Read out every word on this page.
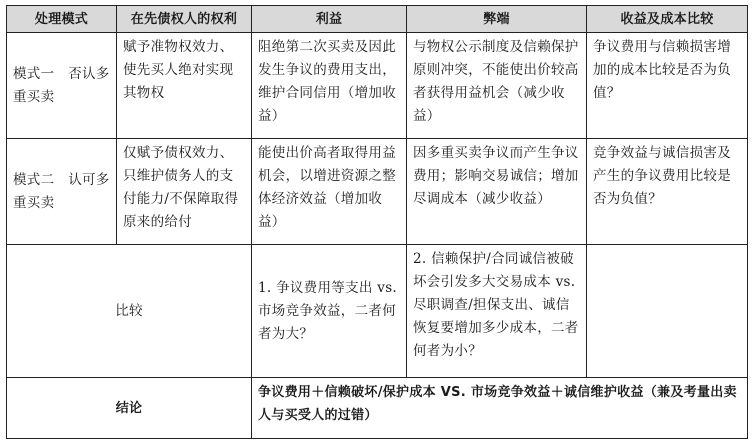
处理模式	在先债权人的权利	利益	弊端	收益及成本比较
模式一　否认多重买卖	赋予准物权效力、使先买人绝对实现其物权	阻绝第二次买卖及因此发生争议的费用支出，维护合同信用（增加收益）	与物权公示制度及信赖保护原则冲突，不能使出价较高者获得用益机会（减少收益）	争议费用与信赖损害增加的成本比较是否为负值？
模式二　认可多重买卖	仅赋予债权效力、只维护债务人的支付能力/不保障取得原来的给付	能使出价高者取得用益机会，以增进资源之整体经济效益（增加收益）	因多重买卖争议而产生争议费用；影响交易诚信；增加尽调成本（减少收益）	竞争效益与诚信损害及产生的争议费用比较是否为负值？
比较		1. 争议费用等支出 vs. 市场竞争效益，二者何者为大？	2. 信赖保护/合同诚信被破坏会引发多大交易成本 vs. 尽职调查/担保支出、诚信恢复要增加多少成本，二者何者为小？	
结论		争议费用＋信赖破坏/保护成本 VS. 市场竞争效益＋诚信维护收益（兼及考量出卖人与买受人的过错）		
